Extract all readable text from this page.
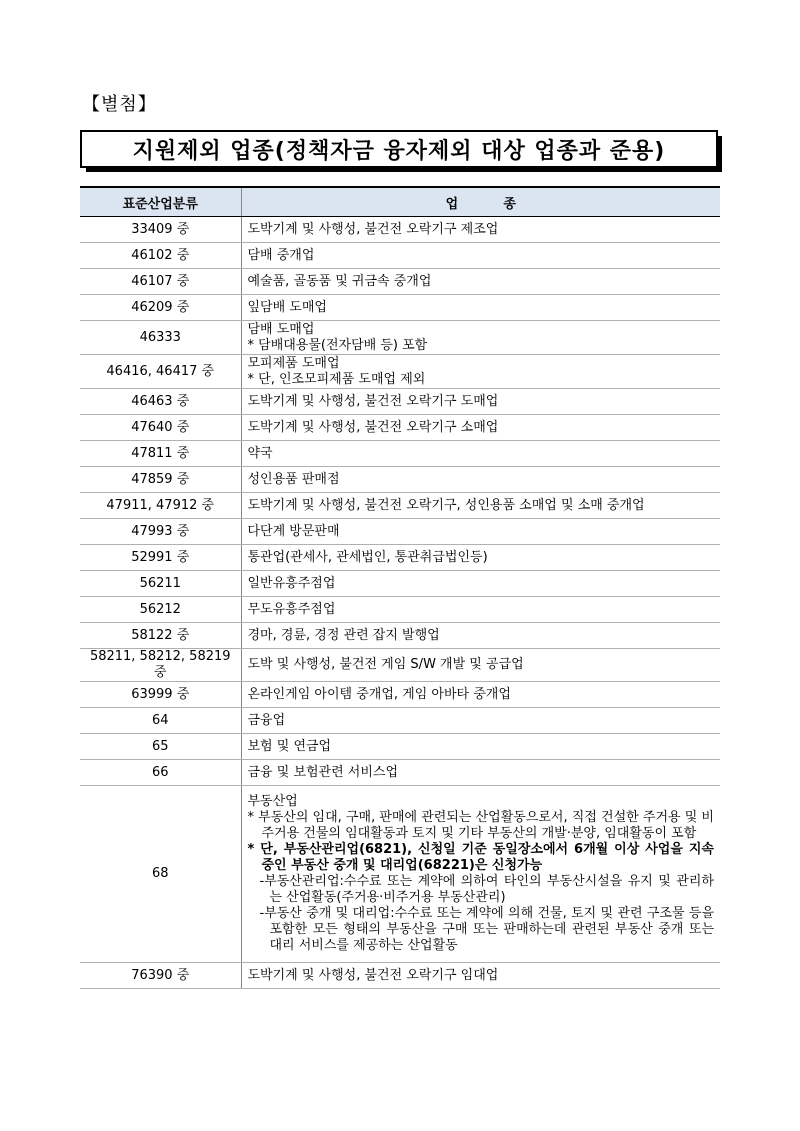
【별첨】
지원제외 업종(정책자금 융자제외 대상 업종과 준용)
표준산업분류	업          종
33409 중	도박기계 및 사행성, 불건전 오락기구 제조업

46102 중	담배 중개업

46107 중	예술품, 골동품 및 귀금속 중개업

46209 중	잎담배 도매업

46333	담배 도매업
* 담배대용물(전자담배 등) 포함

46416, 46417 중	모피제품 도매업
* 단, 인조모피제품 도매업 제외

46463 중	도박기계 및 사행성, 불건전 오락기구 도매업

47640 중	도박기계 및 사행성, 불건전 오락기구 소매업

47811 중	약국

47859 중	성인용품 판매점

47911, 47912 중	도박기계 및 사행성, 불건전 오락기구, 성인용품 소매업 및 소매 중개업

47993 중	다단계 방문판매

52991 중	통관업(관세사, 관세법인, 통관취급법인등)

56211	일반유흥주점업

56212	무도유흥주점업

58122 중	경마, 경륜, 경정 관련 잡지 발행업

58211, 58212, 58219 중	도박 및 사행성, 불건전 게임 S/W 개발 및 공급업

63999 중	온라인게임 아이템 중개업, 게임 아바타 중개업

64	금융업

65	보험 및 연금업

66	금융 및 보험관련 서비스업

68	부동산업
* 부동산의 임대, 구매, 판매에 관련되는 산업활동으로서, 직접 건설한 주거용 및 비주거용 건물의 임대활동과 토지 및 기타 부동산의 개발·분양, 임대활동이 포함
* 단, 부동산관리업(6821), 신청일 기준 동일장소에서 6개월 이상 사업을 지속 중인 부동산 중개 및 대리업(68221)은 신청가능
-부동산관리업:수수료 또는 계약에 의하여 타인의 부동산시설을 유지 및 관리하는 산업활동(주거용·비주거용 부동산관리)
-부동산 중개 및 대리업:수수료 또는 계약에 의해 건물, 토지 및 관련 구조물 등을 포함한 모든 형태의 부동산을 구매 또는 판매하는데 관련된 부동산 중개 또는 대리 서비스를 제공하는 산업활동

76390 중	도박기계 및 사행성, 불건전 오락기구 임대업
